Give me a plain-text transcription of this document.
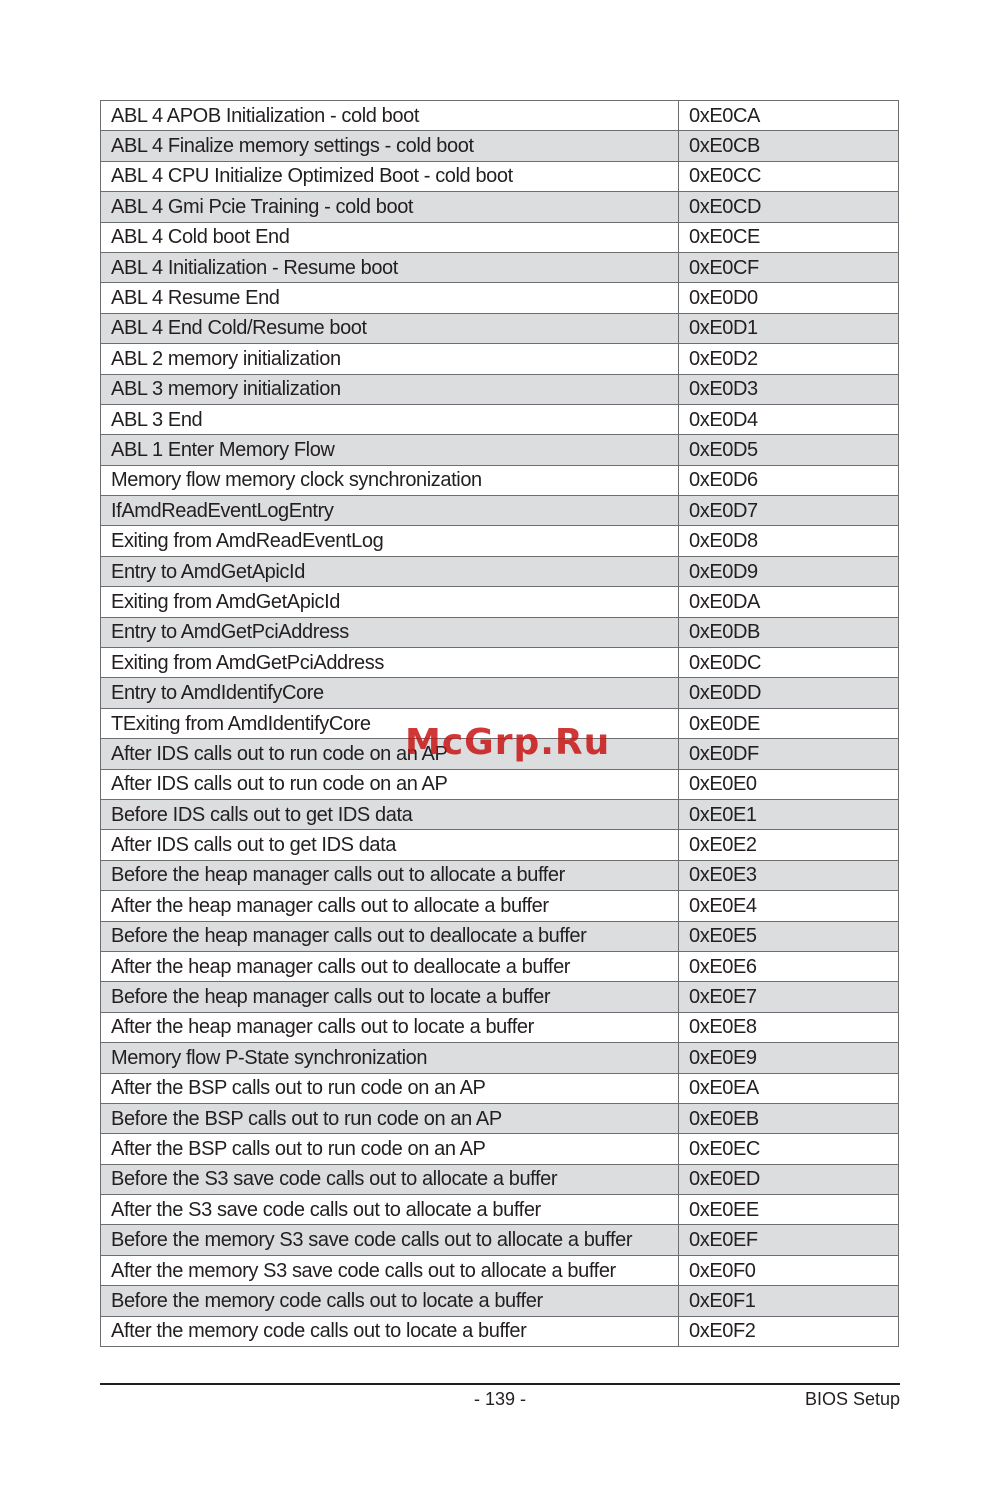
ABL 4 APOB Initialization - cold boot	0xE0CA
ABL 4 Finalize memory settings - cold boot	0xE0CB
ABL 4 CPU Initialize Optimized Boot - cold boot	0xE0CC
ABL 4 Gmi Pcie Training - cold boot	0xE0CD
ABL 4 Cold boot End	0xE0CE
ABL 4 Initialization - Resume boot	0xE0CF
ABL 4 Resume End	0xE0D0
ABL 4 End Cold/Resume boot	0xE0D1
ABL 2 memory initialization	0xE0D2
ABL 3 memory initialization	0xE0D3
ABL 3 End	0xE0D4
ABL 1 Enter Memory Flow	0xE0D5
Memory flow memory clock synchronization	0xE0D6
IfAmdReadEventLogEntry	0xE0D7
Exiting from AmdReadEventLog	0xE0D8
Entry to AmdGetApicId	0xE0D9
Exiting from AmdGetApicId	0xE0DA
Entry to AmdGetPciAddress	0xE0DB
Exiting from AmdGetPciAddress	0xE0DC
Entry to AmdIdentifyCore	0xE0DD
TExiting from AmdIdentifyCore	0xE0DE
After IDS calls out to run code on an AP	0xE0DF
After IDS calls out to run code on an AP	0xE0E0
Before IDS calls out to get IDS data	0xE0E1
After IDS calls out to get IDS data	0xE0E2
Before the heap manager calls out to allocate a buffer	0xE0E3
After the heap manager calls out to allocate a buffer	0xE0E4
Before the heap manager calls out to deallocate a buffer	0xE0E5
After the heap manager calls out to deallocate a buffer	0xE0E6
Before the heap manager calls out to locate a buffer	0xE0E7
After the heap manager calls out to locate a buffer	0xE0E8
Memory flow P-State synchronization	0xE0E9
After the BSP calls out to run code on an AP	0xE0EA
Before the BSP calls out to run code on an AP	0xE0EB
After the BSP calls out to run code on an AP	0xE0EC
Before the S3 save code calls out to allocate a buffer	0xE0ED
After the S3 save code calls out to allocate a buffer	0xE0EE
Before the memory S3 save code calls out to allocate a buffer	0xE0EF
After the memory S3 save code calls out to allocate a buffer	0xE0F0
Before the memory code calls out to locate a buffer	0xE0F1
After the memory code calls out to locate a buffer	0xE0F2
McGrp.Ru
- 139 -	BIOS Setup
